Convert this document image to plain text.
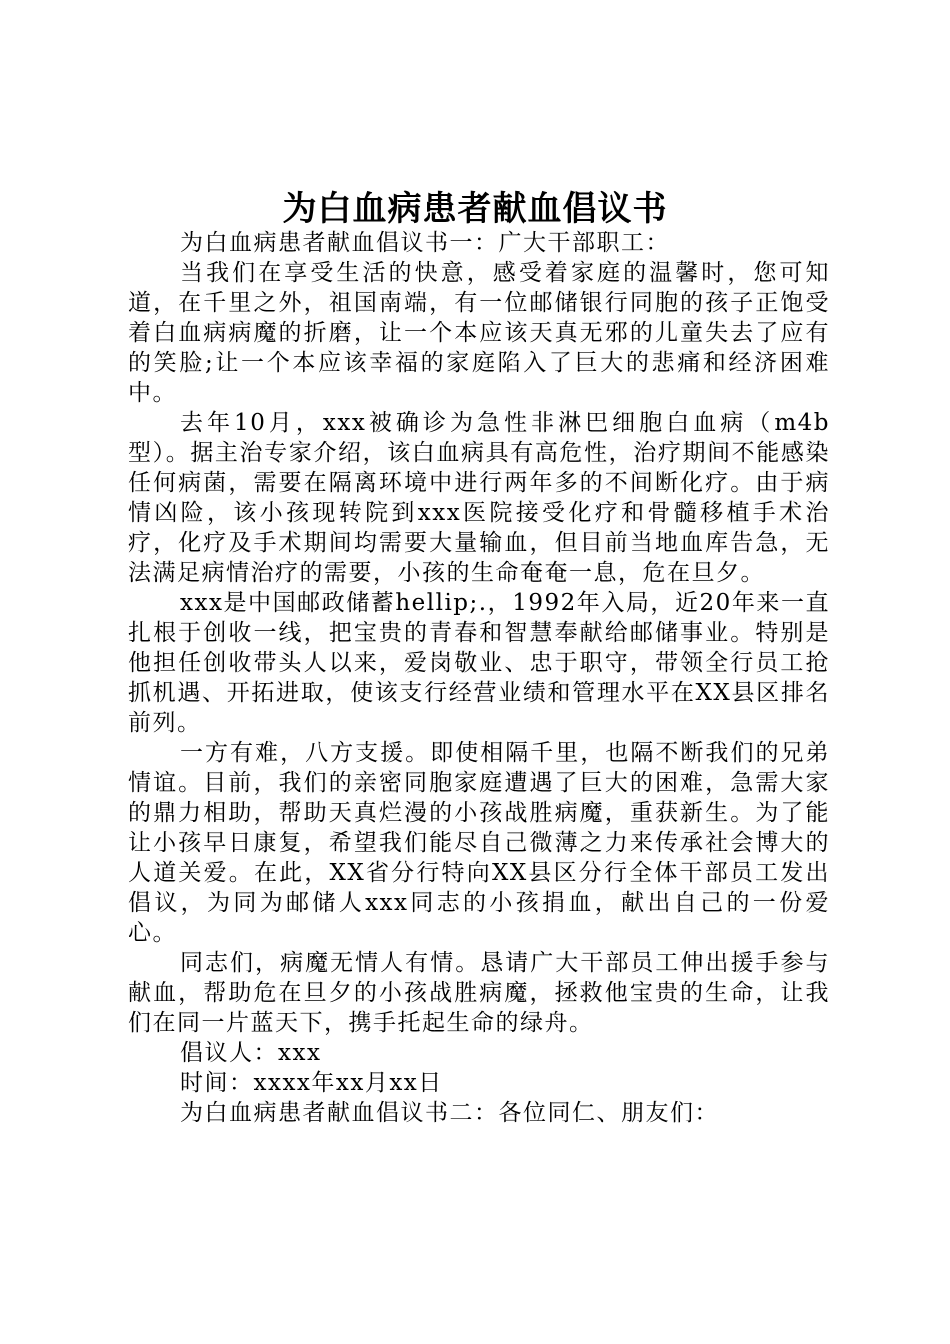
为白血病患者献血倡议书

为白血病患者献血倡议书一：广大干部职工：

当我们在享受生活的快意，感受着家庭的温馨时，您可知道，在千里之外，祖国南端，有一位邮储银行同胞的孩子正饱受着白血病病魔的折磨，让一个本应该天真无邪的儿童失去了应有的笑脸;让一个本应该幸福的家庭陷入了巨大的悲痛和经济困难中。

去年10月，xxx被确诊为急性非淋巴细胞白血病（m4b型）。据主治专家介绍，该白血病具有高危性，治疗期间不能感染任何病菌，需要在隔离环境中进行两年多的不间断化疗。由于病情凶险，该小孩现转院到xxx医院接受化疗和骨髓移植手术治疗，化疗及手术期间均需要大量输血，但目前当地血库告急，无法满足病情治疗的需要，小孩的生命奄奄一息，危在旦夕。

xxx是中国邮政储蓄hellip;.，1992年入局，近20年来一直扎根于创收一线，把宝贵的青春和智慧奉献给邮储事业。特别是他担任创收带头人以来，爱岗敬业、忠于职守，带领全行员工抢抓机遇、开拓进取，使该支行经营业绩和管理水平在XX县区排名前列。

一方有难，八方支援。即使相隔千里，也隔不断我们的兄弟情谊。目前，我们的亲密同胞家庭遭遇了巨大的困难，急需大家的鼎力相助，帮助天真烂漫的小孩战胜病魔，重获新生。为了能让小孩早日康复，希望我们能尽自己微薄之力来传承社会博大的人道关爱。在此，XX省分行特向XX县区分行全体干部员工发出倡议，为同为邮储人xxx同志的小孩捐血，献出自己的一份爱心。

同志们，病魔无情人有情。恳请广大干部员工伸出援手参与献血，帮助危在旦夕的小孩战胜病魔，拯救他宝贵的生命，让我们在同一片蓝天下，携手托起生命的绿舟。

倡议人：xxx

时间：xxxx年xx月xx日

为白血病患者献血倡议书二：各位同仁、朋友们：
